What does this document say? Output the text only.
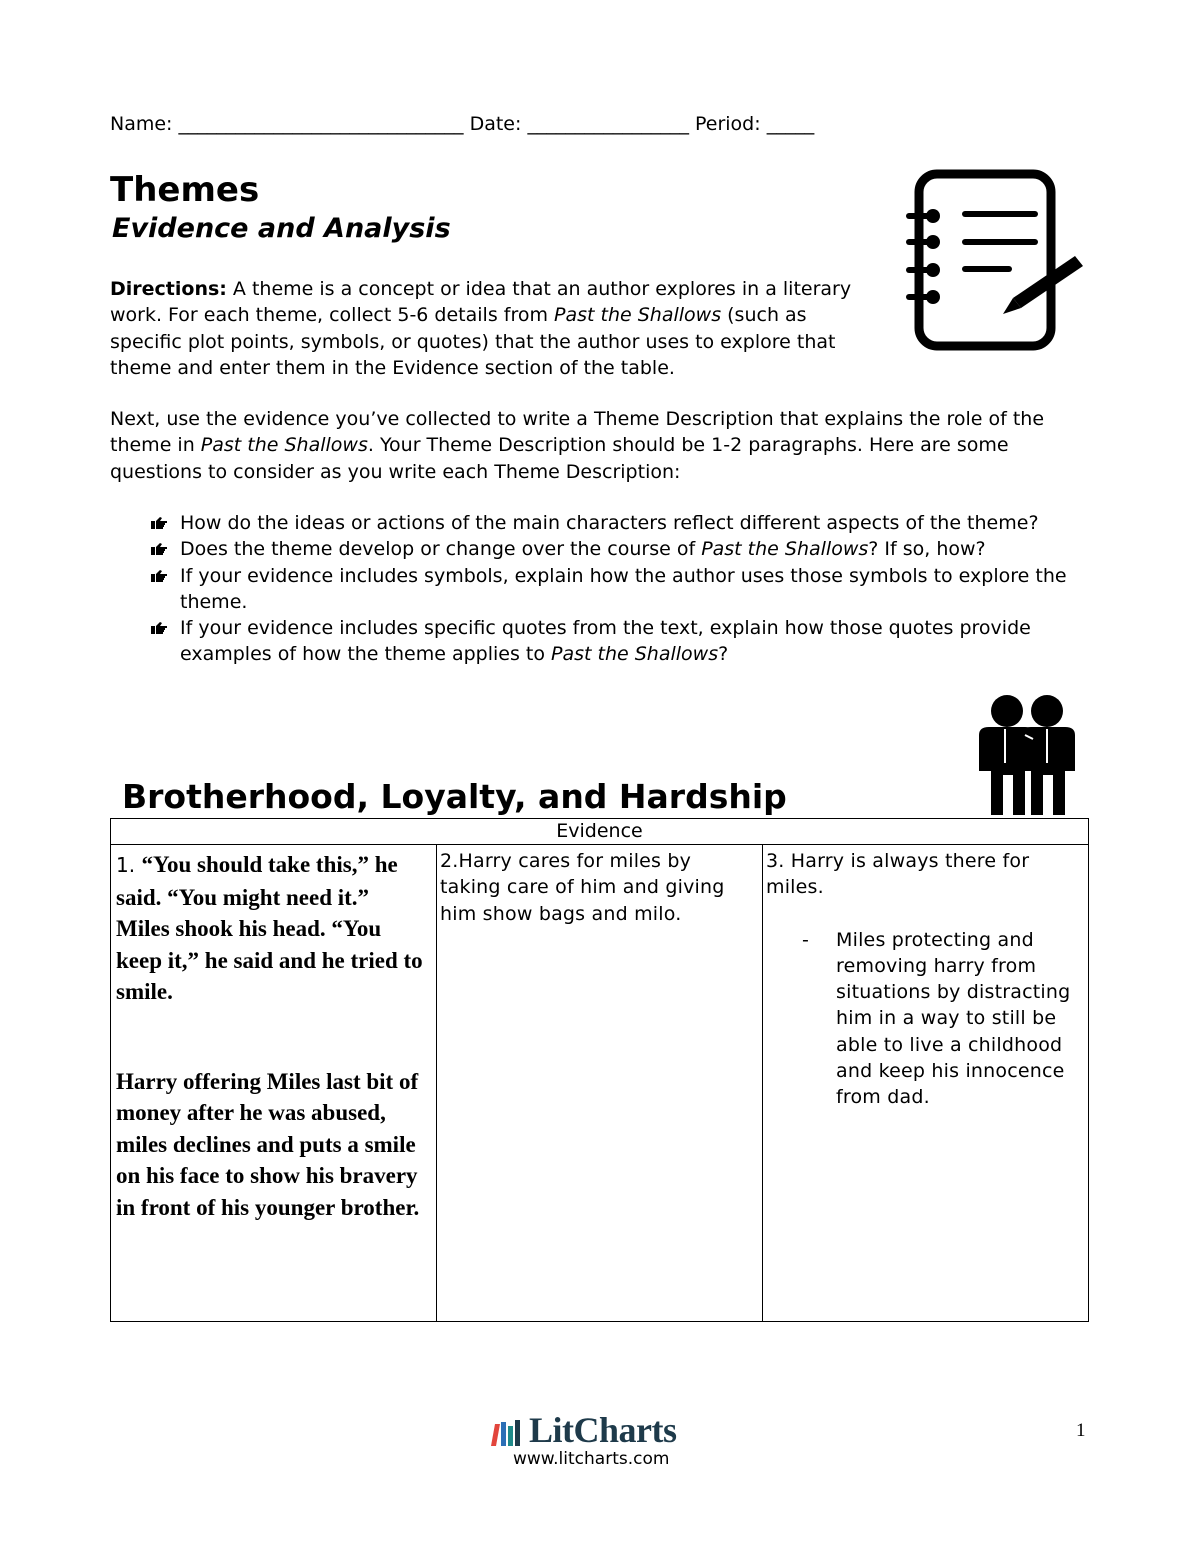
Name: ______________________________ Date: _________________ Period: _____
Themes
Evidence and Analysis
Directions: A theme is a concept or idea that an author explores in a literary work. For each theme, collect 5-6 details from Past the Shallows (such as specific plot points, symbols, or quotes) that the author uses to explore that theme and enter them in the Evidence section of the table.
Next, use the evidence you’ve collected to write a Theme Description that explains the role of the theme in Past the Shallows. Your Theme Description should be 1-2 paragraphs. Here are some questions to consider as you write each Theme Description:
How do the ideas or actions of the main characters reflect different aspects of the theme?
Does the theme develop or change over the course of Past the Shallows? If so, how?
If your evidence includes symbols, explain how the author uses those symbols to explore the theme.
If your evidence includes specific quotes from the text, explain how those quotes provide examples of how the theme applies to Past the Shallows?
Brotherhood, Loyalty, and Hardship
Evidence

1. “You should take this,” he said. “You might need it.”
Miles shook his head. “You keep it,” he said and he tried to smile.
Harry offering Miles last bit of money after he was abused, miles declines and puts a smile on his face to show his bravery in front of his younger brother.

2.Harry cares for miles by taking care of him and giving him show bags and milo.

3. Harry is always there for miles.
- Miles protecting and removing harry from situations by distracting him in a way to still be able to live a childhood and keep his innocence from dad.
LitCharts
www.litcharts.com
1
